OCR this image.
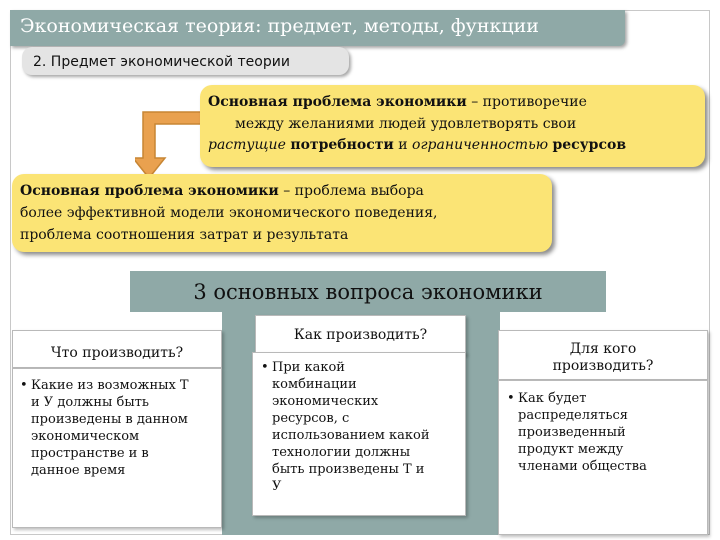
Экономическая теория: предмет, методы, функции
2. Предмет экономической теории
Основная проблема экономики – противоречие
между желаниями людей удовлетворять свои
растущие потребности и ограниченностью ресурсов
Основная проблема экономики – проблема выбора
более эффективной модели экономического поведения,
проблема соотношения затрат и результата
3 основных вопроса экономики
Что производить?
• Какие из возможных Т
и У должны быть
произведены в данном
экономическом
пространстве и в
данное время
Как производить?
• При какой
комбинации
экономических
ресурсов, с
использованием какой
технологии должны
быть произведены Т и
У
Для кого
производить?
• Как будет
распределяться
произведенный
продукт между
членами общества
